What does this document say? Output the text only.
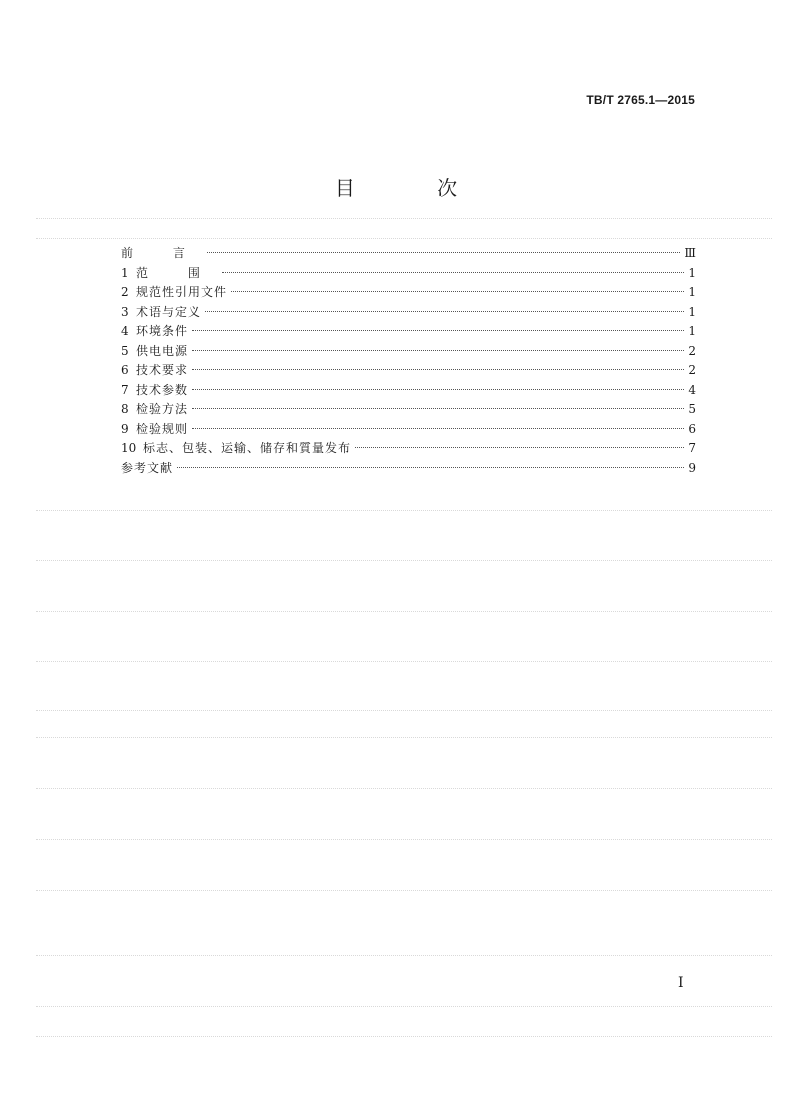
TB/T 2765.1—2015
目 次
前 言	Ⅲ
1 范 围	1
2 规范性引用文件	1
3 术语与定义	1
4 环境条件	1
5 供电电源	2
6 技术要求	2
7 技术参数	4
8 检验方法	5
9 检验规则	6
10 标志、包装、运输、储存和質量发布	7
参考文献	9
I
